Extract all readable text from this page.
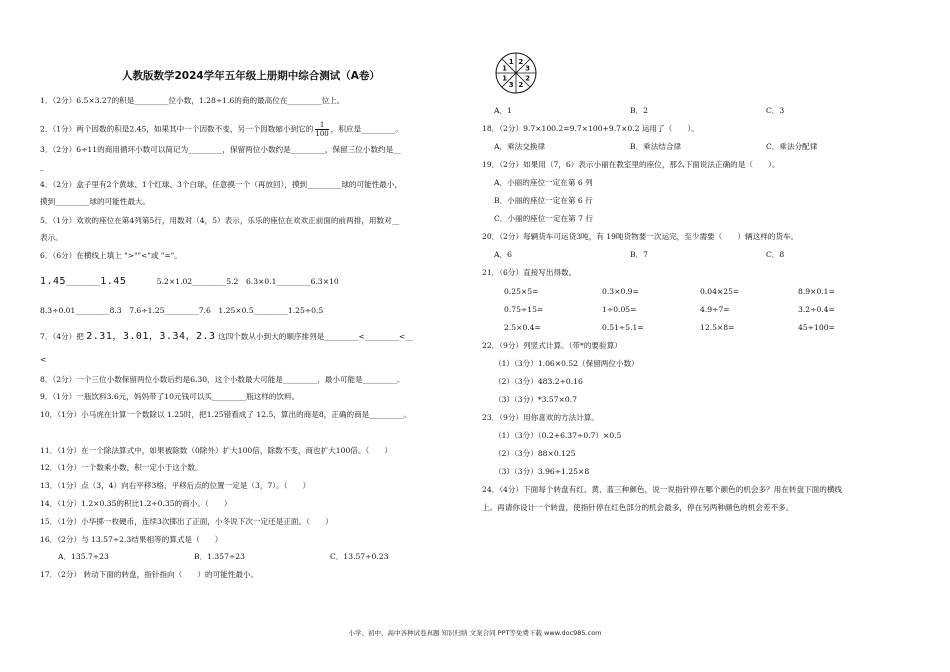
人教版数学2024学年五年级上册期中综合测试（A卷）
1．（2分）6.5×3.27的积是_________位小数，1.28÷1.6的商的最高位在_________位上。
2．（1分）两个因数的积是2.45，如果其中一个因数不变，另一个因数缩小到它的 $\frac{1}{100}$ ，积应是_________。
3．（2分）6÷11的商用循环小数可以简记为_________，保留两位小数约是_________，保留三位小数约是__
_
4．（2分）盒子里有2个黄球、1个红球、3个白球，任意摸一个（再放回），摸到_________球的可能性最小，
摸到_________球的可能性最大。
5．（1分）欢欢的座位在第4列第5行，用数对（4，5）表示，乐乐的座位在欢欢正前面的前两排，用数对__
表示。
6．（6分）在横线上填上 ">""<"或 "="。
1.45_________1.45	5.2×1.02_________5.2　6.3×0.1_________6.3×10
8.3÷0.01_________8.3　7.6÷1.25_________7.6　1.25×0.5_________1.25÷0.5
7．（4分）把 2.31，3.01，3.34，2.3 这四个数从小到大的顺序排列是_________<_________<__
<
8．（2分）一个三位小数保留两位小数后约是6.30，这个小数最大可能是_________，最小可能是_________。
9．（1分）一瓶饮料3.6元，妈妈带了10元钱可以买_________瓶这样的饮料。
10．（1分）小马虎在计算一个数除以 1.25时，把1.25错看成了 12.5，算出的商是8，正确的商是_________。
11．（1分）在一个除法算式中，如果被除数（0除外）扩大100倍，除数不变，商也扩大100倍。（　　）
12．（1分）一个数乘小数，积一定小于这个数。
13．（1分）点（3，4）向右平移3格，平移后点的位置一定是（3，7）。（　　）
14．（1分）1.2×0.35的积比1.2÷0.35的商小。（　　）
15．（1分）小华掷一枚硬币，连续3次掷出了正面，小冬说下次一定还是正面。（　　）
16．（2分）与 13.57÷2.3结果相等的算式是（　　）
A．135.7÷23	B．1.357÷23	C．13.57÷0.23
17．（2分） 转动下面的转盘，指针指向（　　）的可能性最小。
2
3
2
2
3
1
1
1
A．1	B．2	C．3
18．（2分）9.7×100.2=9.7×100+9.7×0.2 运用了（　　）。
A．乘法交换律	B．乘法结合律	C．乘法分配律
19．（2分）如果用（7，6）表示小丽在教室里的座位，那么下面说法正确的是（　　）。
A．小丽的座位一定在第 6 列
B．小丽的座位一定在第 6 行
C．小丽的座位一定在第 7 行
20．（2分）每辆货车可运货3吨，有 19吨货物要一次运完，至少需要（　　）辆这样的货车。
A．6	B．7	C．8
21．（6分）直接写出得数。
0.25×5=	0.3×0.9=	0.04×25=	8.9×0.1=
0.75÷15=	1÷0.05=	4.9÷7=	3.2÷0.4=
2.5×0.4=	0.51÷5.1=	12.5×8=	45÷100=
22．（9分）列竖式计算。（带*的要验算）
（1）（3分）1.06×0.52（保留两位小数）
（2）（3分）483.2÷0.16
（3）（3分）*3.57×0.7
23．（9分）用你喜欢的方法计算。
（1）（3分）（0.2+6.37÷0.7）×0.5
（2）（3分）88×0.125
（3）（3分）3.96÷1.25×8
24．（4分）下面每个转盘有红、黄、蓝三种颜色，说一说指针停在哪个颜色的机会多？用在转盘下面的横线
上。再请你设计一个转盘，使指针停在红色部分的机会最多，停在另两种颜色的机会差不多。
小学、初中、高中各种试卷真题 知识归纳 文案合同 PPT等免费下载 www.doc985.com
